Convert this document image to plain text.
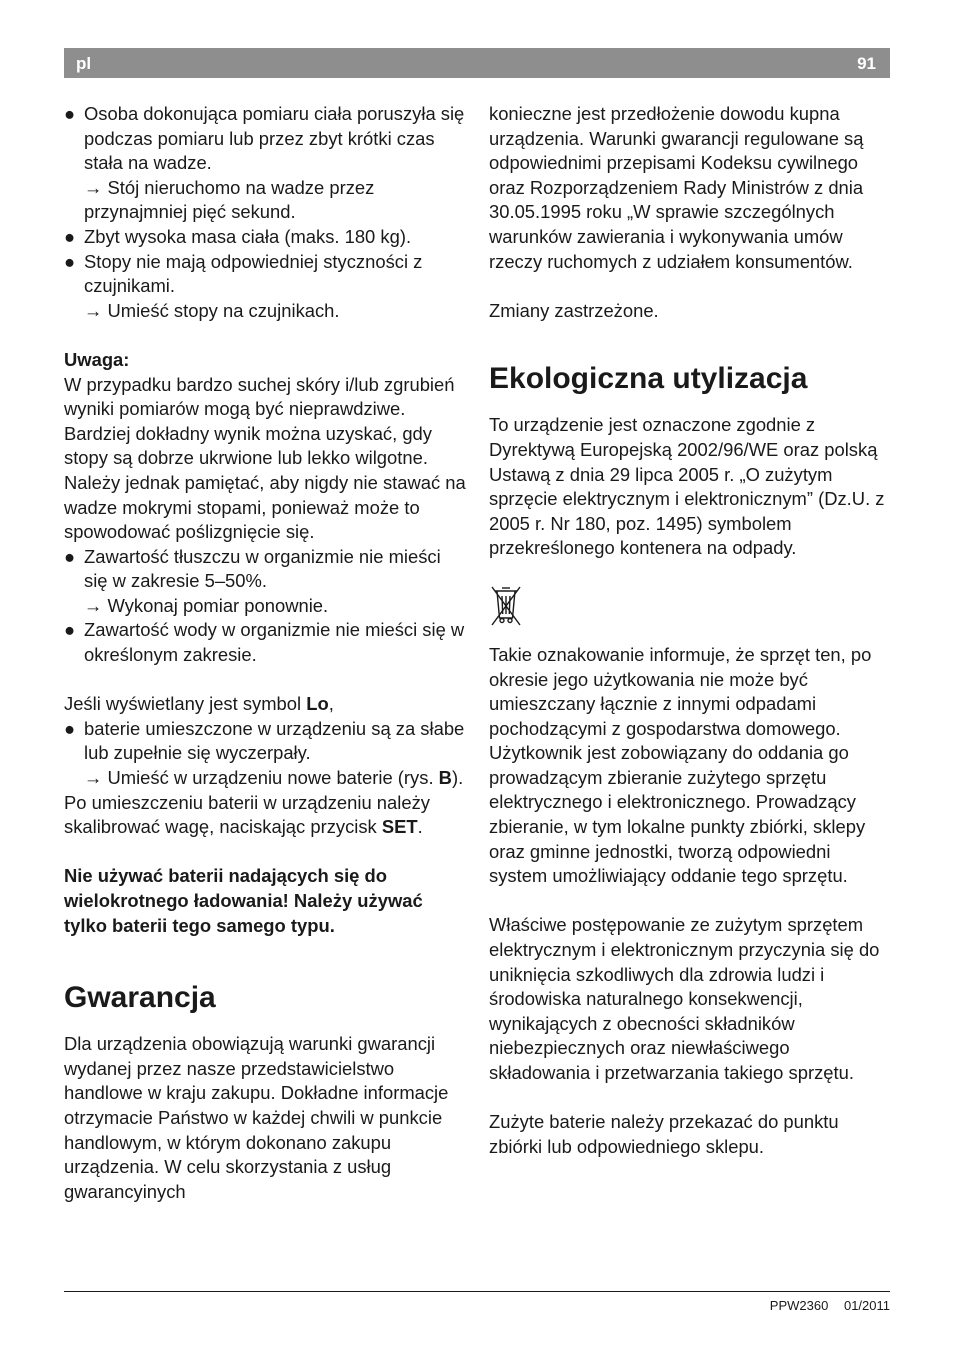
pl	91
● Osoba dokonująca pomiaru ciała poruszyła się podczas pomiaru lub przez zbyt krótki czas stała na wadze.

→ Stój nieruchomo na wadze przez przynajmniej pięć sekund.

● Zbyt wysoka masa ciała (maks. 180 kg).

● Stopy nie mają odpowiedniej styczności z czujnikami.

→ Umieść stopy na czujnikach.

Uwaga:

W przypadku bardzo suchej skóry i/lub zgrubień wyniki pomiarów mogą być nieprawdziwe. Bardziej dokładny wynik można uzyskać, gdy stopy są dobrze ukrwione lub lekko wilgotne. Należy jednak pamiętać, aby nigdy nie stawać na wadze mokrymi stopami, ponieważ może to spowodować poślizgnięcie się.

● Zawartość tłuszczu w organizmie nie mieści się w zakresie 5–50%.

→ Wykonaj pomiar ponownie.

● Zawartość wody w organizmie nie mieści się w określonym zakresie.

Jeśli wyświetlany jest symbol Lo,

● baterie umieszczone w urządzeniu są za słabe lub zupełnie się wyczerpały.

→ Umieść w urządzeniu nowe baterie (rys. B).

Po umieszczeniu baterii w urządzeniu należy skalibrować wagę, naciskając przycisk SET.

Nie używać baterii nadających się do wielokrotnego ładowania! Należy używać tylko baterii tego samego typu.

Gwarancja

Dla urządzenia obowiązują warunki gwarancji wydanej przez nasze przedstawicielstwo handlowe w kraju zakupu. Dokładne informacje otrzymacie Państwo w każdej chwili w punkcie handlowym, w którym dokonano zakupu urządzenia. W celu skorzystania z usług gwarancyinych

konieczne jest przedłożenie dowodu kupna urządzenia. Warunki gwarancji regulowane są odpowiednimi przepisami Kodeksu cywilnego oraz Rozporządzeniem Rady Ministrów z dnia 30.05.1995 roku „W sprawie szczególnych warunków zawierania i wykonywania umów rzeczy ruchomych z udziałem konsumentów.

Zmiany zastrzeżone.

Ekologiczna utylizacja

To urządzenie jest oznaczone zgodnie z Dyrektywą Europejską 2002/96/WE oraz polską Ustawą z dnia 29 lipca 2005 r. „O zużytym sprzęcie elektrycznym i elektronicznym” (Dz.U. z 2005 r. Nr 180, poz. 1495) symbolem przekreślonego kontenera na odpady.

Takie oznakowanie informuje, że sprzęt ten, po okresie jego użytkowania nie może być umieszczany łącznie z innymi odpadami pochodzącymi z gospodarstwa domowego. Użytkownik jest zobowiązany do oddania go prowadzącym zbieranie zużytego sprzętu elektrycznego i elektronicznego. Prowadzący zbieranie, w tym lokalne punkty zbiórki, sklepy oraz gminne jednostki, tworzą odpowiedni system umożliwiający oddanie tego sprzętu.

Właściwe postępowanie ze zużytym sprzętem elektrycznym i elektronicznym przyczynia się do uniknięcia szkodliwych dla zdrowia ludzi i środowiska naturalnego konsekwencji, wynikających z obecności składników niebezpiecznych oraz niewłaściwego składowania i przetwarzania takiego sprzętu.

Zużyte baterie należy przekazać do punktu zbiórki lub odpowiedniego sklepu.

PPW2360 01/2011
